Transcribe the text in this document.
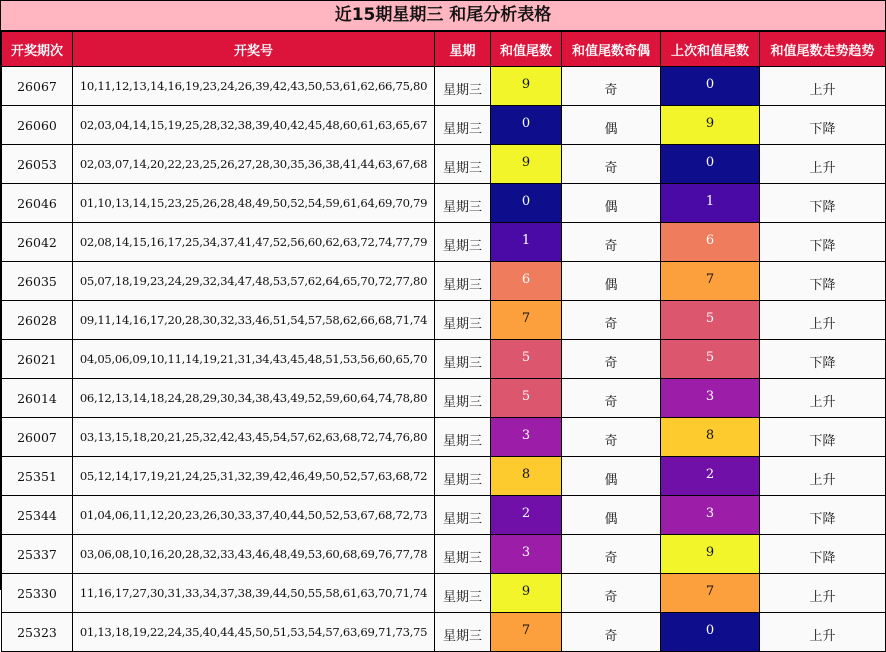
近15期星期三 和尾分析表格
开奖期次	开奖号	星期	和值尾数	和值尾数奇偶	上次和值尾数	和值尾数走势趋势
26067	10,11,12,13,14,16,19,23,24,26,39,42,43,50,53,61,62,66,75,80	星期三	9	奇	0	上升
26060	02,03,04,14,15,19,25,28,32,38,39,40,42,45,48,60,61,63,65,67	星期三	0	偶	9	下降
26053	02,03,07,14,20,22,23,25,26,27,28,30,35,36,38,41,44,63,67,68	星期三	9	奇	0	上升
26046	01,10,13,14,15,23,25,26,28,48,49,50,52,54,59,61,64,69,70,79	星期三	0	偶	1	下降
26042	02,08,14,15,16,17,25,34,37,41,47,52,56,60,62,63,72,74,77,79	星期三	1	奇	6	下降
26035	05,07,18,19,23,24,29,32,34,47,48,53,57,62,64,65,70,72,77,80	星期三	6	偶	7	下降
26028	09,11,14,16,17,20,28,30,32,33,46,51,54,57,58,62,66,68,71,74	星期三	7	奇	5	上升
26021	04,05,06,09,10,11,14,19,21,31,34,43,45,48,51,53,56,60,65,70	星期三	5	奇	5	下降
26014	06,12,13,14,18,24,28,29,30,34,38,43,49,52,59,60,64,74,78,80	星期三	5	奇	3	上升
26007	03,13,15,18,20,21,25,32,42,43,45,54,57,62,63,68,72,74,76,80	星期三	3	奇	8	下降
25351	05,12,14,17,19,21,24,25,31,32,39,42,46,49,50,52,57,63,68,72	星期三	8	偶	2	上升
25344	01,04,06,11,12,20,23,26,30,33,37,40,44,50,52,53,67,68,72,73	星期三	2	偶	3	下降
25337	03,06,08,10,16,20,28,32,33,43,46,48,49,53,60,68,69,76,77,78	星期三	3	奇	9	下降
25330	11,16,17,27,30,31,33,34,37,38,39,44,50,55,58,61,63,70,71,74	星期三	9	奇	7	上升
25323	01,13,18,19,22,24,35,40,44,45,50,51,53,54,57,63,69,71,73,75	星期三	7	奇	0	上升
